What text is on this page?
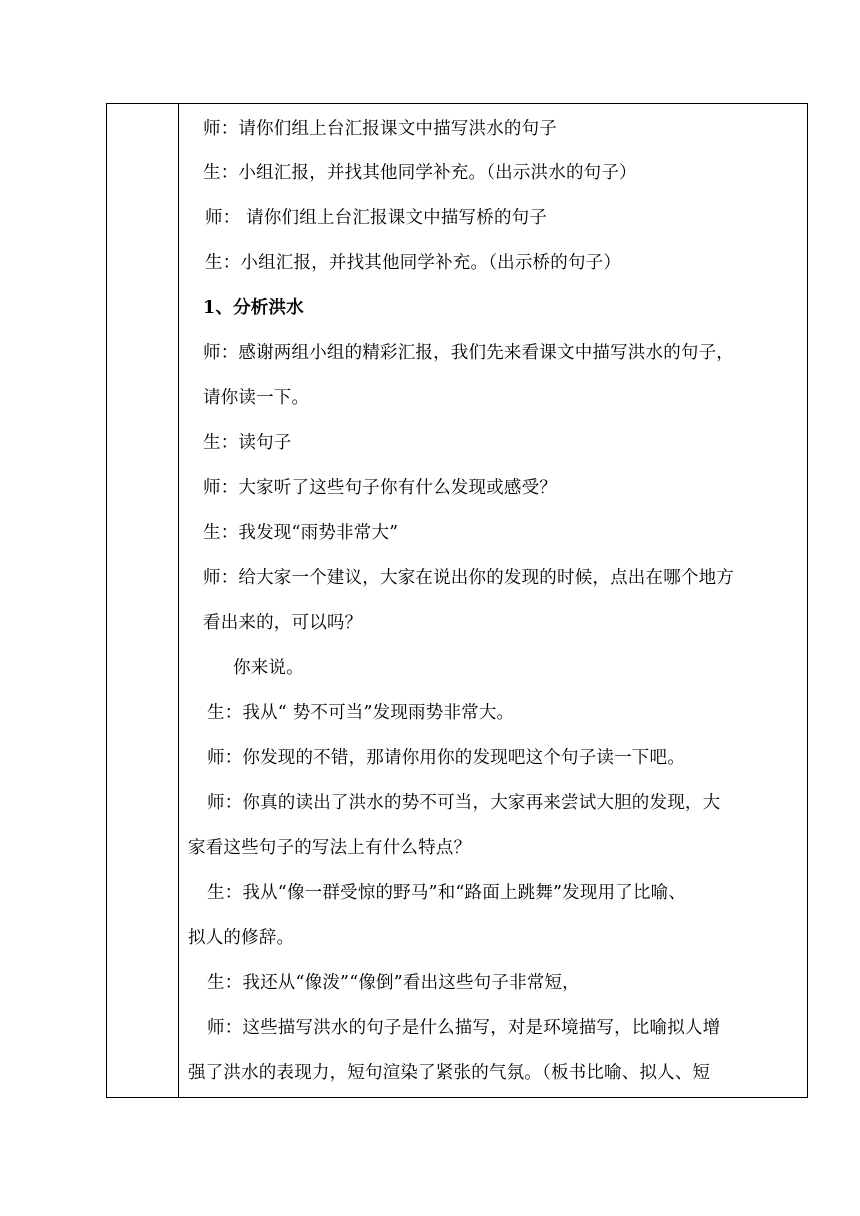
师：请你们组上台汇报课文中描写洪水的句子
生：小组汇报，并找其他同学补充。（出示洪水的句子）
师： 请你们组上台汇报课文中描写桥的句子
生：小组汇报，并找其他同学补充。（出示桥的句子）
1、分析洪水
师：感谢两组小组的精彩汇报，我们先来看课文中描写洪水的句子，
请你读一下。
生：读句子
师：大家听了这些句子你有什么发现或感受？
生：我发现“雨势非常大”
师：给大家一个建议，大家在说出你的发现的时候，点出在哪个地方
看出来的，可以吗？
你来说。
生：我从“ 势不可当”发现雨势非常大。
师：你发现的不错，那请你用你的发现吧这个句子读一下吧。
师：你真的读出了洪水的势不可当，大家再来尝试大胆的发现，大
家看这些句子的写法上有什么特点？
生：我从“像一群受惊的野马”和“路面上跳舞”发现用了比喻、
拟人的修辞。
生：我还从“像泼”“像倒”看出这些句子非常短，
师：这些描写洪水的句子是什么描写，对是环境描写，比喻拟人增
强了洪水的表现力，短句渲染了紧张的气氛。（板书比喻、拟人、短
